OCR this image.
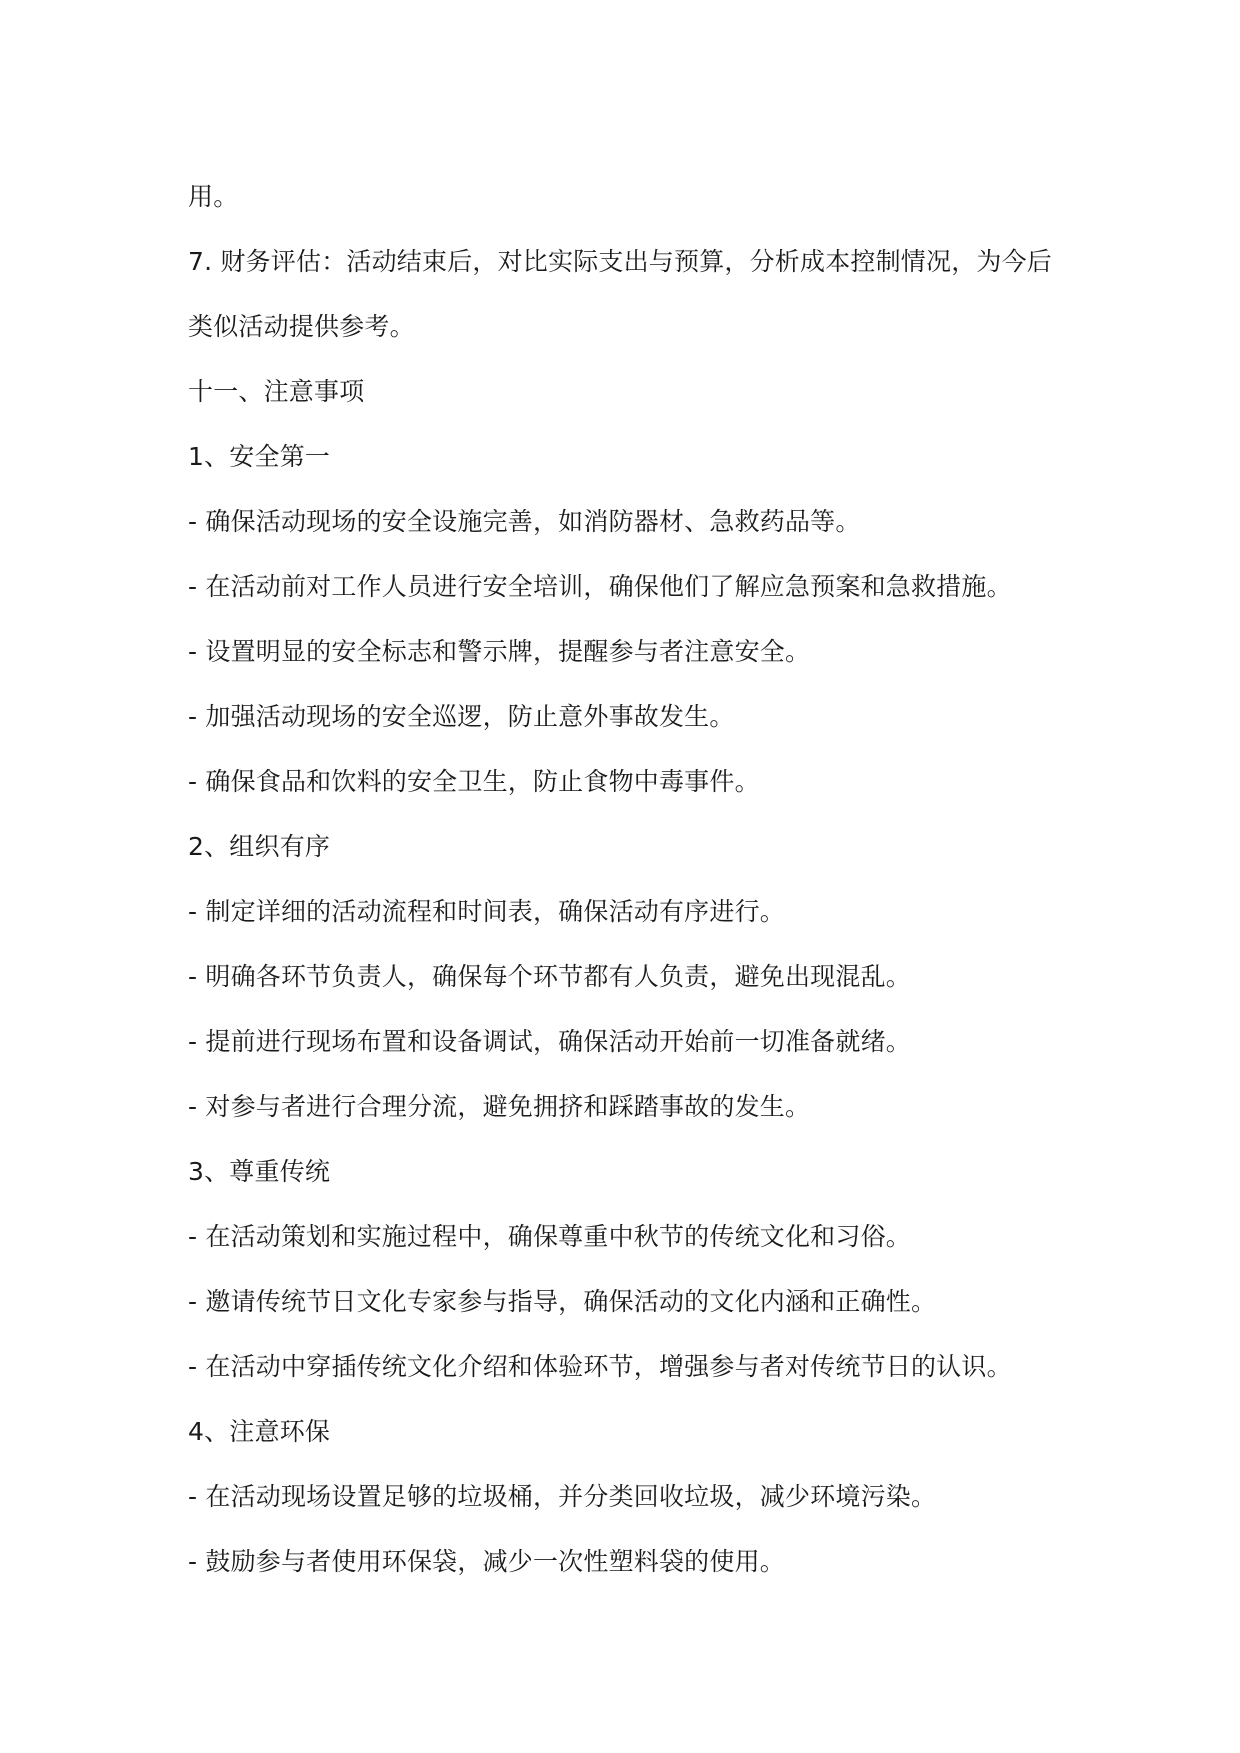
用。
7. 财务评估：活动结束后，对比实际支出与预算，分析成本控制情况，为今后
类似活动提供参考。
十一、注意事项
1、安全第一
- 确保活动现场的安全设施完善，如消防器材、急救药品等。
- 在活动前对工作人员进行安全培训，确保他们了解应急预案和急救措施。
- 设置明显的安全标志和警示牌，提醒参与者注意安全。
- 加强活动现场的安全巡逻，防止意外事故发生。
- 确保食品和饮料的安全卫生，防止食物中毒事件。
2、组织有序
- 制定详细的活动流程和时间表，确保活动有序进行。
- 明确各环节负责人，确保每个环节都有人负责，避免出现混乱。
- 提前进行现场布置和设备调试，确保活动开始前一切准备就绪。
- 对参与者进行合理分流，避免拥挤和踩踏事故的发生。
3、尊重传统
- 在活动策划和实施过程中，确保尊重中秋节的传统文化和习俗。
- 邀请传统节日文化专家参与指导，确保活动的文化内涵和正确性。
- 在活动中穿插传统文化介绍和体验环节，增强参与者对传统节日的认识。
4、注意环保
- 在活动现场设置足够的垃圾桶，并分类回收垃圾，减少环境污染。
- 鼓励参与者使用环保袋，减少一次性塑料袋的使用。
